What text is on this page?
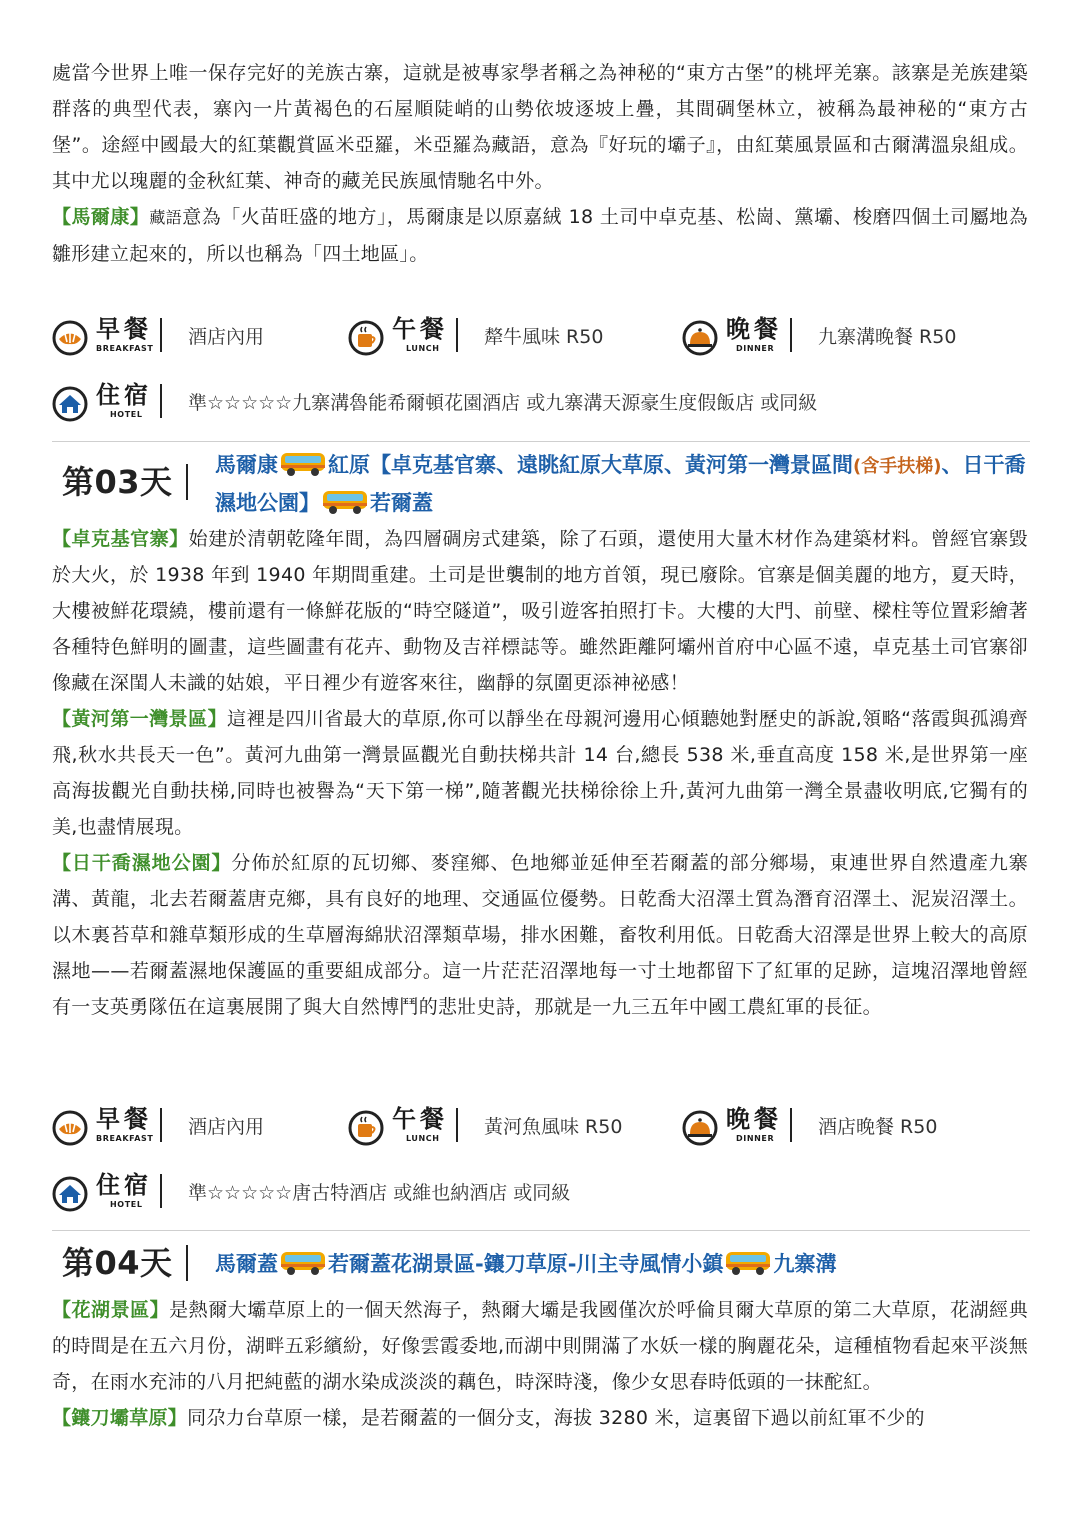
處當今世界上唯一保存完好的羌族古寨，這就是被專家學者稱之為神秘的“東方古堡”的桃坪羌寨。該寨是羌族建築群落的典型代表，寨內一片黃褐色的石屋順陡峭的山勢依坡逐坡上疊，其間碉堡林立，被稱為最神秘的“東方古堡”。途經中國最大的紅葉觀賞區米亞羅，米亞羅為藏語，意為『好玩的壩子』，由紅葉風景區和古爾溝溫泉組成。其中尤以瑰麗的金秋紅葉、神奇的藏羌民族風情馳名中外。
【馬爾康】藏語意為「火苗旺盛的地方」，馬爾康是以原嘉絨 18 土司中卓克基、松崗、黨壩、梭磨四個土司屬地為雛形建立起來的，所以也稱為「四土地區」。

早餐
BREAKFAST
酒店內用	午餐
LUNCH
犛牛風味 R50	晚餐
DINNER
九寨溝晚餐 R50
住宿
HOTEL
準☆☆☆☆☆九寨溝魯能希爾頓花園酒店 或九寨溝天源豪生度假飯店 或同級
第03天 馬爾康 紅原【卓克基官寨、遠眺紅原大草原、黃河第一灣景區間(含手扶梯)、日干喬濕地公園】 若爾蓋

【卓克基官寨】始建於清朝乾隆年間，為四層碉房式建築，除了石頭，還使用大量木材作為建築材料。曾經官寨毀於大火，於 1938 年到 1940 年期間重建。土司是世襲制的地方首領，現已廢除。官寨是個美麗的地方，夏天時，大樓被鮮花環繞，樓前還有一條鮮花版的“時空隧道”，吸引遊客拍照打卡。大樓的大門、前壁、樑柱等位置彩繪著各種特色鮮明的圖畫，這些圖畫有花卉、動物及吉祥標誌等。雖然距離阿壩州首府中心區不遠，卓克基土司官寨卻像藏在深閨人未識的姑娘，平日裡少有遊客來往，幽靜的氛圍更添神祕感！
【黃河第一灣景區】這裡是四川省最大的草原,你可以靜坐在母親河邊用心傾聽她對歷史的訴說,領略“落霞與孤鴻齊飛,秋水共長天一色”。黃河九曲第一灣景區觀光自動扶梯共計 14 台,總長 538 米,垂直高度 158 米,是世界第一座高海拔觀光自動扶梯,同時也被譽為“天下第一梯”,隨著觀光扶梯徐徐上升,黃河九曲第一灣全景盡收明底,它獨有的美,也盡情展現。
【日干喬濕地公園】分佈於紅原的瓦切鄉、麥窪鄉、色地鄉並延伸至若爾蓋的部分鄉場，東連世界自然遺產九寨溝、黃龍，北去若爾蓋唐克鄉，具有良好的地理、交通區位優勢。日乾喬大沼澤土質為潛育沼澤土、泥炭沼澤土。以木裏苔草和雜草類形成的生草層海綿狀沼澤類草場，排水困難，畜牧利用低。日乾喬大沼澤是世界上較大的高原濕地——若爾蓋濕地保護區的重要組成部分。這一片茫茫沼澤地每一寸土地都留下了紅軍的足跡，這塊沼澤地曾經有一支英勇隊伍在這裏展開了與大自然博鬥的悲壯史詩，那就是一九三五年中國工農紅軍的長征。

早餐
BREAKFAST
酒店內用	午餐
LUNCH
黃河魚風味 R50	晚餐
DINNER
酒店晚餐 R50
住宿
HOTEL
準☆☆☆☆☆唐古特酒店 或維也納酒店 或同級
第04天 馬爾蓋 若爾蓋花湖景區-鑲刀草原-川主寺風情小鎮 九寨溝

【花湖景區】是熱爾大壩草原上的一個天然海子，熱爾大壩是我國僅次於呼倫貝爾大草原的第二大草原，花湖經典的時間是在五六月份，湖畔五彩繽紛，好像雲霞委地,而湖中則開滿了水妖一樣的胸麗花朵，這種植物看起來平淡無奇，在雨水充沛的八月把純藍的湖水染成淡淡的藕色，時深時淺，像少女思春時低頭的一抹酡紅。
【鑲刀壩草原】同尕力台草原一樣，是若爾蓋的一個分支，海拔 3280 米，這裏留下過以前紅軍不少的
